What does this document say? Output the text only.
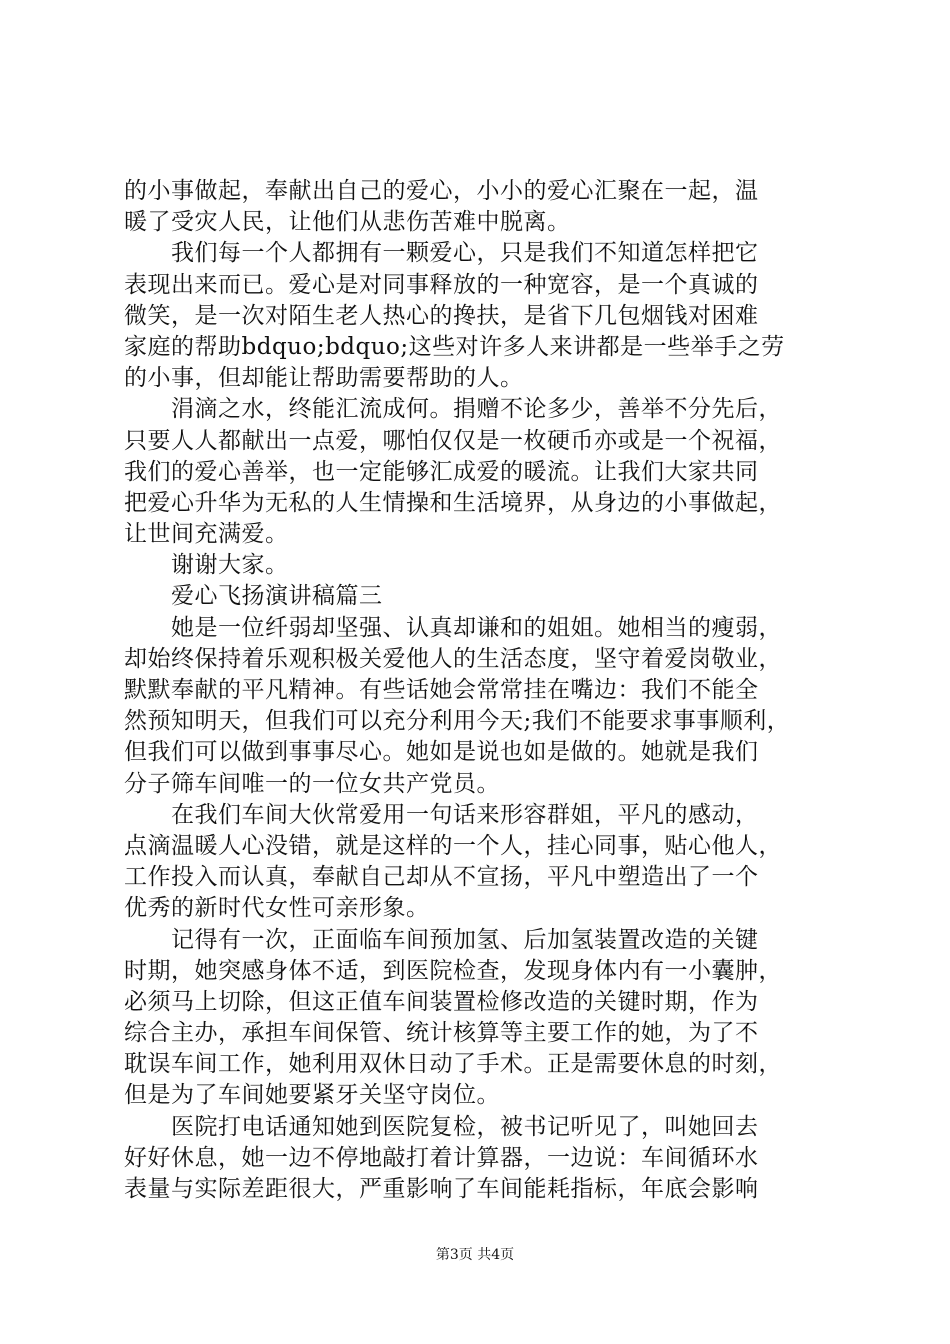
的小事做起，奉献出自己的爱心，小小的爱心汇聚在一起，温
暖了受灾人民，让他们从悲伤苦难中脱离。
　　我们每一个人都拥有一颗爱心，只是我们不知道怎样把它
表现出来而已。爱心是对同事释放的一种宽容，是一个真诚的
微笑，是一次对陌生老人热心的搀扶，是省下几包烟钱对困难
家庭的帮助bdquo;bdquo;这些对许多人来讲都是一些举手之劳
的小事，但却能让帮助需要帮助的人。
　　涓滴之水，终能汇流成何。捐赠不论多少，善举不分先后，
只要人人都献出一点爱，哪怕仅仅是一枚硬币亦或是一个祝福，
我们的爱心善举，也一定能够汇成爱的暖流。让我们大家共同
把爱心升华为无私的人生情操和生活境界，从身边的小事做起，
让世间充满爱。
　　谢谢大家。
　　爱心飞扬演讲稿篇三
　　她是一位纤弱却坚强、认真却谦和的姐姐。她相当的瘦弱，
却始终保持着乐观积极关爱他人的生活态度，坚守着爱岗敬业，
默默奉献的平凡精神。有些话她会常常挂在嘴边：我们不能全
然预知明天，但我们可以充分利用今天;我们不能要求事事顺利，
但我们可以做到事事尽心。她如是说也如是做的。她就是我们
分子筛车间唯一的一位女共产党员。
　　在我们车间大伙常爱用一句话来形容群姐，平凡的感动，
点滴温暖人心没错，就是这样的一个人，挂心同事，贴心他人，
工作投入而认真，奉献自己却从不宣扬，平凡中塑造出了一个
优秀的新时代女性可亲形象。
　　记得有一次，正面临车间预加氢、后加氢装置改造的关键
时期，她突感身体不适，到医院检查，发现身体内有一小囊肿，
必须马上切除，但这正值车间装置检修改造的关键时期，作为
综合主办，承担车间保管、统计核算等主要工作的她，为了不
耽误车间工作，她利用双休日动了手术。正是需要休息的时刻，
但是为了车间她要紧牙关坚守岗位。
　　医院打电话通知她到医院复检，被书记听见了，叫她回去
好好休息，她一边不停地敲打着计算器，一边说：车间循环水
表量与实际差距很大，严重影响了车间能耗指标，年底会影响
第3页 共4页
